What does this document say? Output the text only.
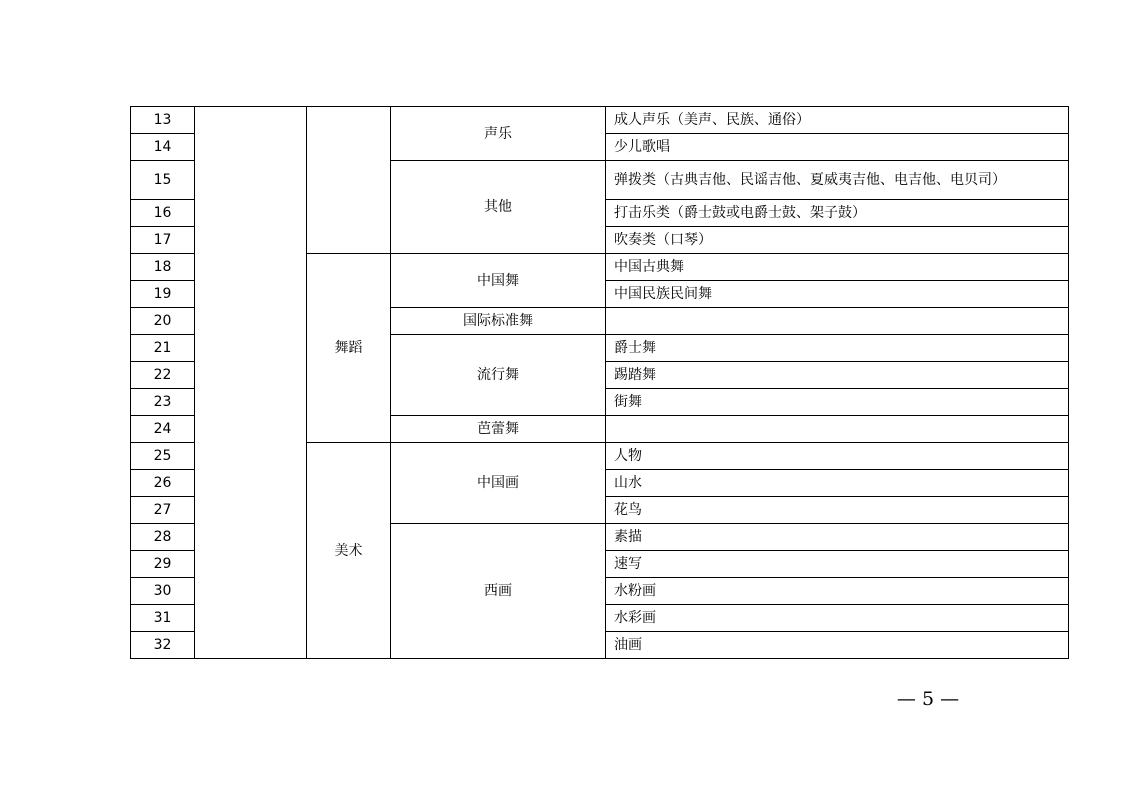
13			声乐	成人声乐（美声、民族、通俗）
14				少儿歌唱
15			其他	弹拨类（古典吉他、民谣吉他、夏威夷吉他、电吉他、电贝司）
16				打击乐类（爵士鼓或电爵士鼓、架子鼓）
17				吹奏类（口琴）
18		舞蹈	中国舞	中国古典舞
19				中国民族民间舞
20			国际标准舞	
21			流行舞	爵士舞
22				踢踏舞
23				街舞
24			芭蕾舞	
25		美术	中国画	人物
26				山水
27				花鸟
28			西画	素描
29				速写
30				水粉画
31				水彩画
32				油画
— 5 —
